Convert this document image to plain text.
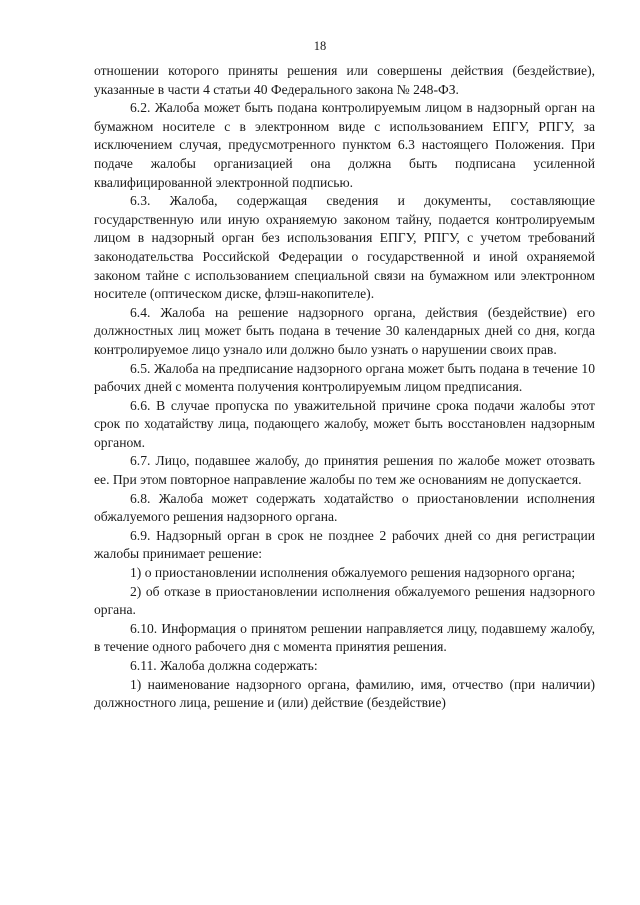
18

отношении которого приняты решения или совершены действия (бездействие), указанные в части 4 статьи 40 Федерального закона № 248-ФЗ.

6.2. Жалоба может быть подана контролируемым лицом в надзорный орган на бумажном носителе с в электронном виде с использованием ЕПГУ, РПГУ, за исключением случая, предусмотренного пунктом 6.3 настоящего Положения. При подаче жалобы организацией она должна быть подписана усиленной квалифицированной электронной подписью.

6.3. Жалоба, содержащая сведения и документы, составляющие государственную или иную охраняемую законом тайну, подается контролируемым лицом в надзорный орган без использования ЕПГУ, РПГУ, с учетом требований законодательства Российской Федерации о государственной и иной охраняемой законом тайне с использованием специальной связи на бумажном или электронном носителе (оптическом диске, флэш-накопителе).

6.4. Жалоба на решение надзорного органа, действия (бездействие) его должностных лиц может быть подана в течение 30 календарных дней со дня, когда контролируемое лицо узнало или должно было узнать о нарушении своих прав.

6.5. Жалоба на предписание надзорного органа может быть подана в течение 10 рабочих дней с момента получения контролируемым лицом предписания.

6.6. В случае пропуска по уважительной причине срока подачи жалобы этот срок по ходатайству лица, подающего жалобу, может быть восстановлен надзорным органом.

6.7. Лицо, подавшее жалобу, до принятия решения по жалобе может отозвать ее. При этом повторное направление жалобы по тем же основаниям не допускается.

6.8. Жалоба может содержать ходатайство о приостановлении исполнения обжалуемого решения надзорного органа.

6.9. Надзорный орган в срок не позднее 2 рабочих дней со дня регистрации жалобы принимает решение:

1) о приостановлении исполнения обжалуемого решения надзорного органа;

2) об отказе в приостановлении исполнения обжалуемого решения надзорного органа.

6.10. Информация о принятом решении направляется лицу, подавшему жалобу, в течение одного рабочего дня с момента принятия решения.

6.11. Жалоба должна содержать:

1) наименование надзорного органа, фамилию, имя, отчество (при наличии) должностного лица, решение и (или) действие (бездействие)
